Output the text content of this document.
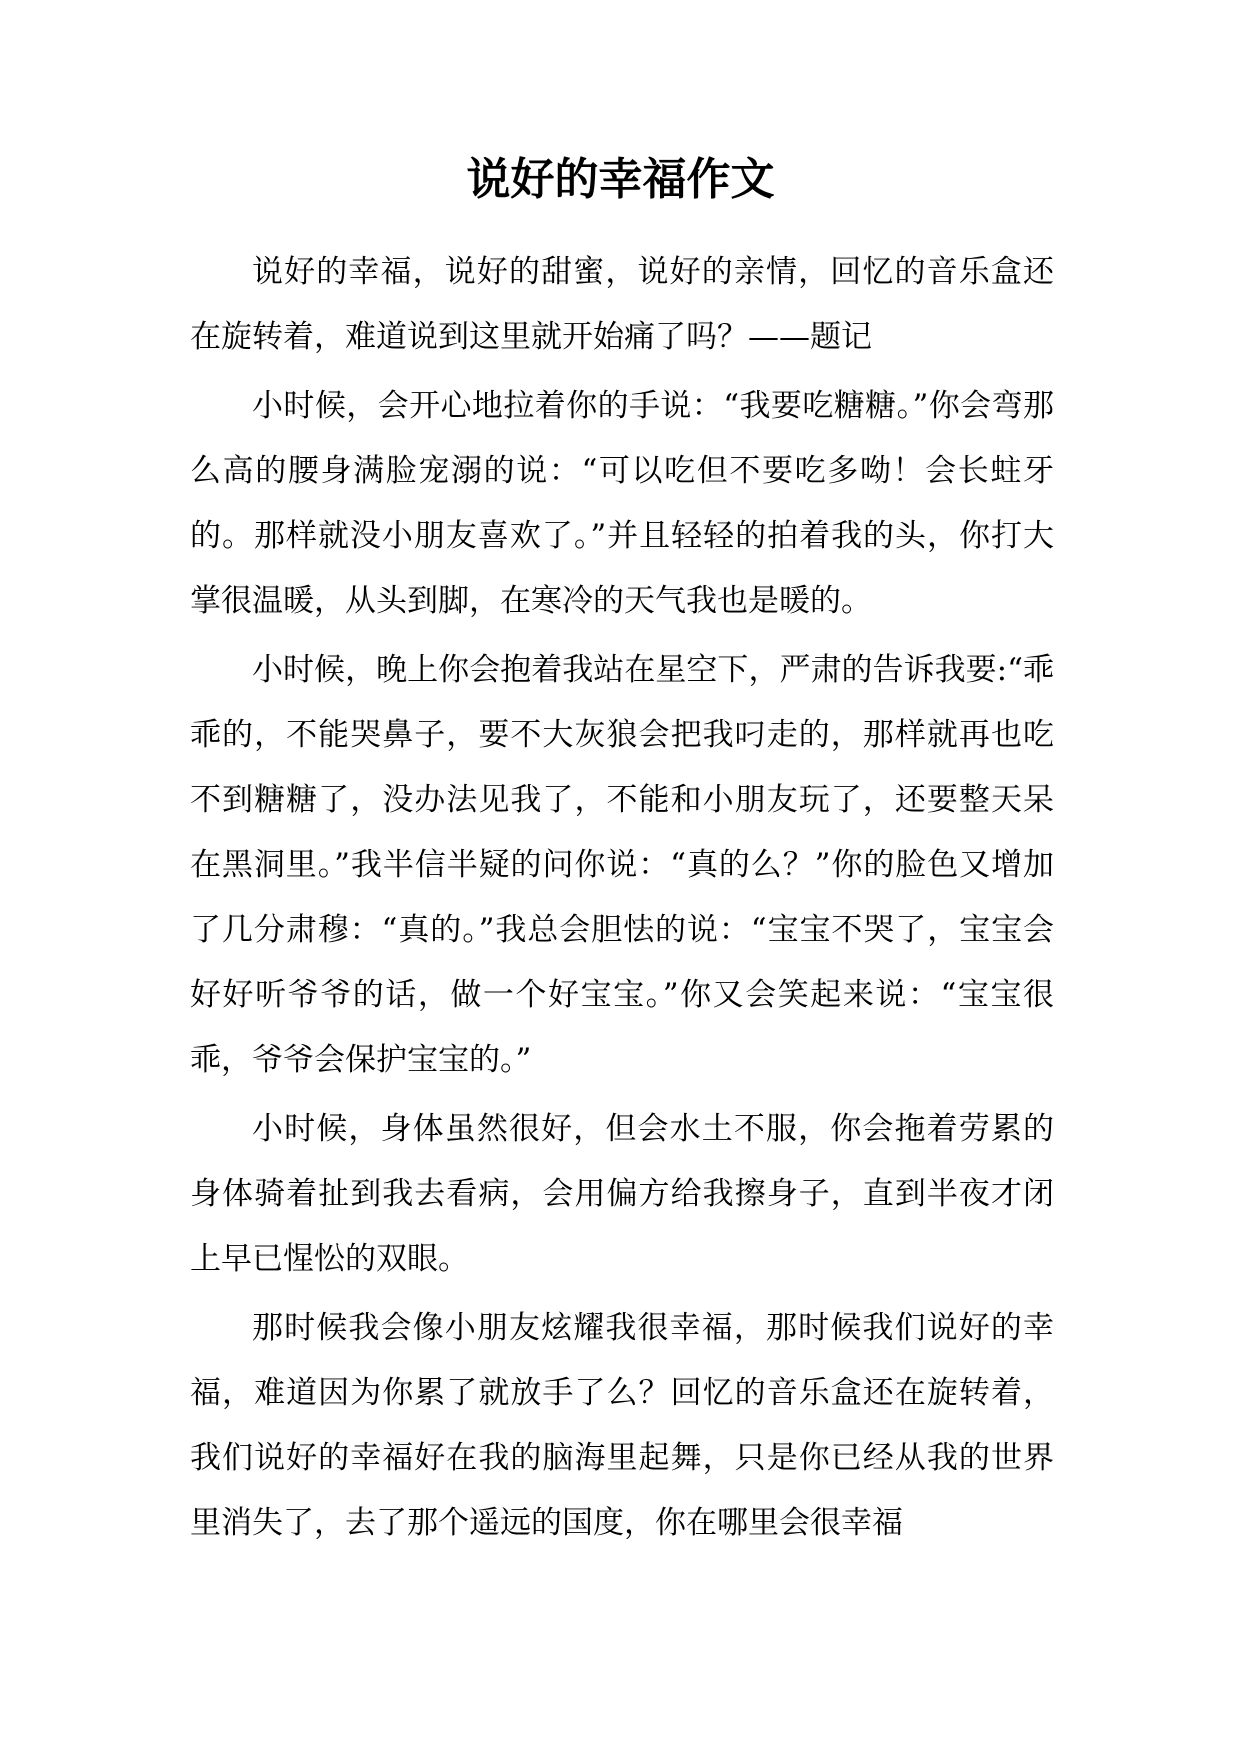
说好的幸福作文

说好的幸福，说好的甜蜜，说好的亲情，回忆的音乐盒还在旋转着，难道说到这里就开始痛了吗？——题记

小时候，会开心地拉着你的手说：“我要吃糖糖。”你会弯那么高的腰身满脸宠溺的说：“可以吃但不要吃多呦！会长蛀牙的。那样就没小朋友喜欢了。”并且轻轻的拍着我的头，你打大掌很温暖，从头到脚，在寒冷的天气我也是暖的。

小时候，晚上你会抱着我站在星空下，严肃的告诉我要:“乖乖的，不能哭鼻子，要不大灰狼会把我叼走的，那样就再也吃不到糖糖了，没办法见我了，不能和小朋友玩了，还要整天呆在黑洞里。”我半信半疑的问你说：“真的么？”你的脸色又增加了几分肃穆：“真的。”我总会胆怯的说：“宝宝不哭了，宝宝会好好听爷爷的话，做一个好宝宝。”你又会笑起来说：“宝宝很乖，爷爷会保护宝宝的。”

小时候，身体虽然很好，但会水土不服，你会拖着劳累的身体骑着扯到我去看病，会用偏方给我擦身子，直到半夜才闭上早已惺忪的双眼。

那时候我会像小朋友炫耀我很幸福，那时候我们说好的幸福，难道因为你累了就放手了么？回忆的音乐盒还在旋转着，我们说好的幸福好在我的脑海里起舞，只是你已经从我的世界里消失了，去了那个遥远的国度，你在哪里会很幸福
